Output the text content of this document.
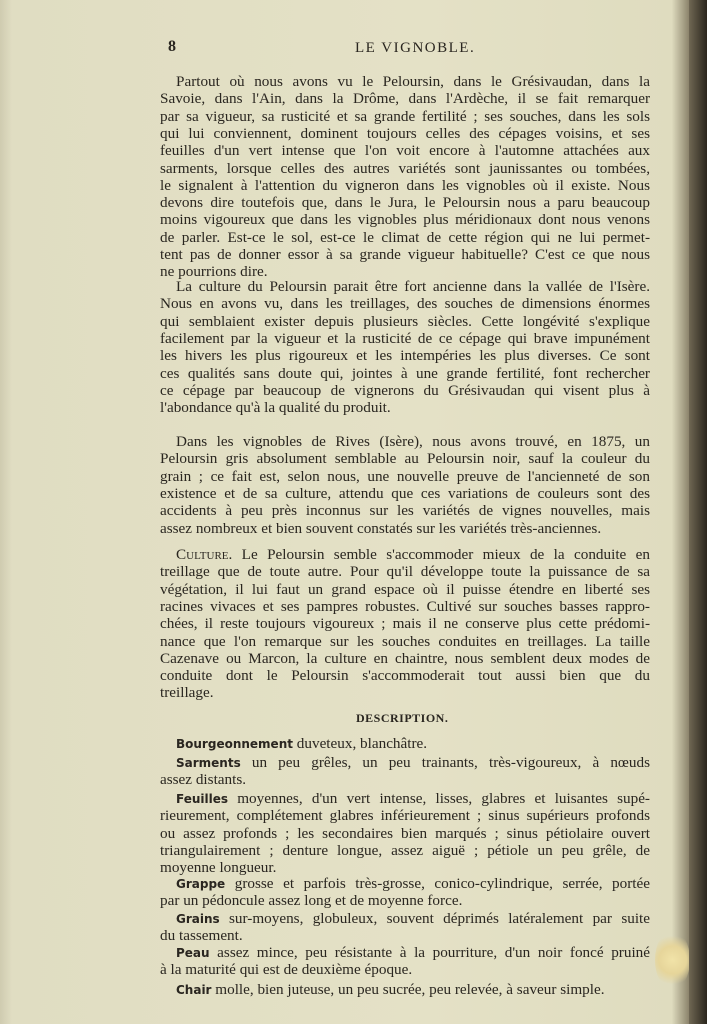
8	LE VIGNOBLE.
Partout où nous avons vu le Peloursin, dans le Grésivaudan, dans la
Savoie, dans l'Ain, dans la Drôme, dans l'Ardèche, il se fait remarquer
par sa vigueur, sa rusticité et sa grande fertilité ; ses souches, dans les sols
qui lui conviennent, dominent toujours celles des cépages voisins, et ses
feuilles d'un vert intense que l'on voit encore à l'automne attachées aux
sarments, lorsque celles des autres variétés sont jaunissantes ou tombées,
le signalent à l'attention du vigneron dans les vignobles où il existe. Nous
devons dire toutefois que, dans le Jura, le Peloursin nous a paru beaucoup
moins vigoureux que dans les vignobles plus méridionaux dont nous venons
de parler. Est-ce le sol, est-ce le climat de cette région qui ne lui permet-
tent pas de donner essor à sa grande vigueur habituelle? C'est ce que nous
ne pourrions dire.
La culture du Peloursin parait être fort ancienne dans la vallée de l'Isère.
Nous en avons vu, dans les treillages, des souches de dimensions énormes
qui semblaient exister depuis plusieurs siècles. Cette longévité s'explique
facilement par la vigueur et la rusticité de ce cépage qui brave impunément
les hivers les plus rigoureux et les intempéries les plus diverses. Ce sont
ces qualités sans doute qui, jointes à une grande fertilité, font rechercher
ce cépage par beaucoup de vignerons du Grésivaudan qui visent plus à
l'abondance qu'à la qualité du produit.
Dans les vignobles de Rives (Isère), nous avons trouvé, en 1875, un
Peloursin gris absolument semblable au Peloursin noir, sauf la couleur du
grain ; ce fait est, selon nous, une nouvelle preuve de l'ancienneté de son
existence et de sa culture, attendu que ces variations de couleurs sont des
accidents à peu près inconnus sur les variétés de vignes nouvelles, mais
assez nombreux et bien souvent constatés sur les variétés très-anciennes.
Culture. Le Peloursin semble s'accommoder mieux de la conduite en
treillage que de toute autre. Pour qu'il développe toute la puissance de sa
végétation, il lui faut un grand espace où il puisse étendre en liberté ses
racines vivaces et ses pampres robustes. Cultivé sur souches basses rappro-
chées, il reste toujours vigoureux ; mais il ne conserve plus cette prédomi-
nance que l'on remarque sur les souches conduites en treillages. La taille
Cazenave ou Marcon, la culture en chaintre, nous semblent deux modes de
conduite dont le Peloursin s'accommoderait tout aussi bien que du
treillage.
DESCRIPTION.
Bourgeonnement duveteux, blanchâtre.
Sarments un peu grêles, un peu trainants, très-vigoureux, à nœuds
assez distants.
Feuilles moyennes, d'un vert intense, lisses, glabres et luisantes supé-
rieurement, complétement glabres inférieurement ; sinus supérieurs profonds
ou assez profonds ; les secondaires bien marqués ; sinus pétiolaire ouvert
triangulairement ; denture longue, assez aiguë ; pétiole un peu grêle, de
moyenne longueur.
Grappe grosse et parfois très-grosse, conico-cylindrique, serrée, portée
par un pédoncule assez long et de moyenne force.
Grains sur-moyens, globuleux, souvent déprimés latéralement par suite
du tassement.
Peau assez mince, peu résistante à la pourriture, d'un noir foncé pruiné
à la maturité qui est de deuxième époque.
Chair molle, bien juteuse, un peu sucrée, peu relevée, à saveur simple.
